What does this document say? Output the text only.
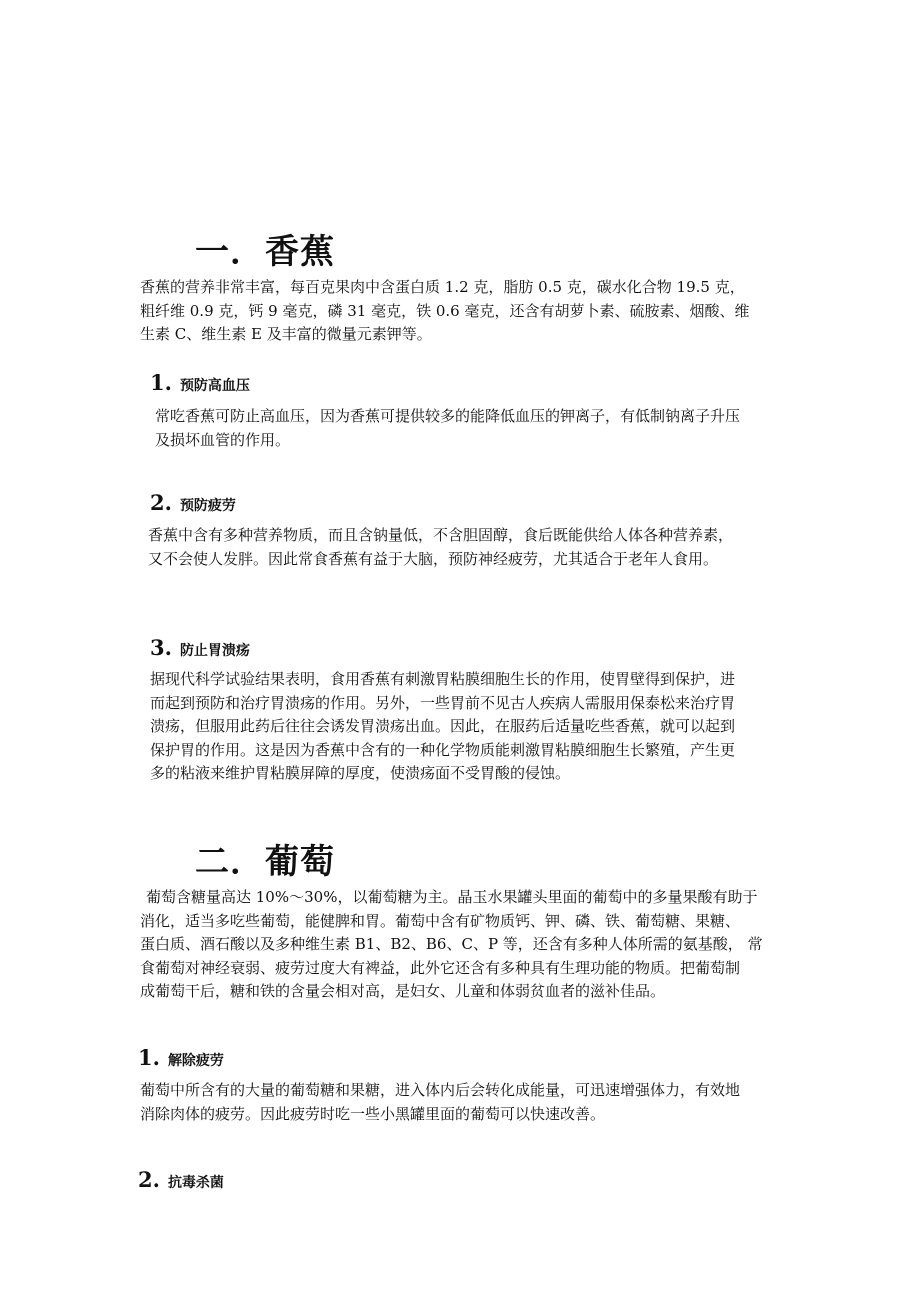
一．香蕉

香蕉的营养非常丰富，每百克果肉中含蛋白质 1.2 克，脂肪 0.5 克，碳水化合物 19.5 克，
粗纤维 0.9 克，钙 9 毫克，磷 31 毫克，铁 0.6 毫克，还含有胡萝卜素、硫胺素、烟酸、维
生素 C、维生素 E 及丰富的微量元素钾等。

1. 预防高血压

常吃香蕉可防止高血压，因为香蕉可提供较多的能降低血压的钾离子，有低制钠离子升压
及损坏血管的作用。

2. 预防疲劳

香蕉中含有多种营养物质，而且含钠量低，不含胆固醇，食后既能供给人体各种营养素，
又不会使人发胖。因此常食香蕉有益于大脑，预防神经疲劳，尤其适合于老年人食用。

3. 防止胃溃疡

据现代科学试验结果表明，食用香蕉有刺激胃粘膜细胞生长的作用，使胃壁得到保护，进
而起到预防和治疗胃溃疡的作用。另外，一些胃前不见古人疾病人需服用保泰松来治疗胃
溃疡，但服用此药后往往会诱发胃溃疡出血。因此，在服药后适量吃些香蕉，就可以起到
保护胃的作用。这是因为香蕉中含有的一种化学物质能刺激胃粘膜细胞生长繁殖，产生更
多的粘液来维护胃粘膜屏障的厚度，使溃疡面不受胃酸的侵蚀。

二．葡萄

葡萄含糖量高达 10%～30%，以葡萄糖为主。晶玉水果罐头里面的葡萄中的多量果酸有助于
消化，适当多吃些葡萄，能健脾和胃。葡萄中含有矿物质钙、钾、磷、铁、葡萄糖、果糖、
蛋白质、酒石酸以及多种维生素 B1、B2、B6、C、P 等，还含有多种人体所需的氨基酸， 常
食葡萄对神经衰弱、疲劳过度大有裨益，此外它还含有多种具有生理功能的物质。把葡萄制
成葡萄干后，糖和铁的含量会相对高，是妇女、儿童和体弱贫血者的滋补佳品。

1. 解除疲劳

葡萄中所含有的大量的葡萄糖和果糖，进入体内后会转化成能量，可迅速增强体力，有效地
消除肉体的疲劳。因此疲劳时吃一些小黑罐里面的葡萄可以快速改善。

2. 抗毒杀菌
